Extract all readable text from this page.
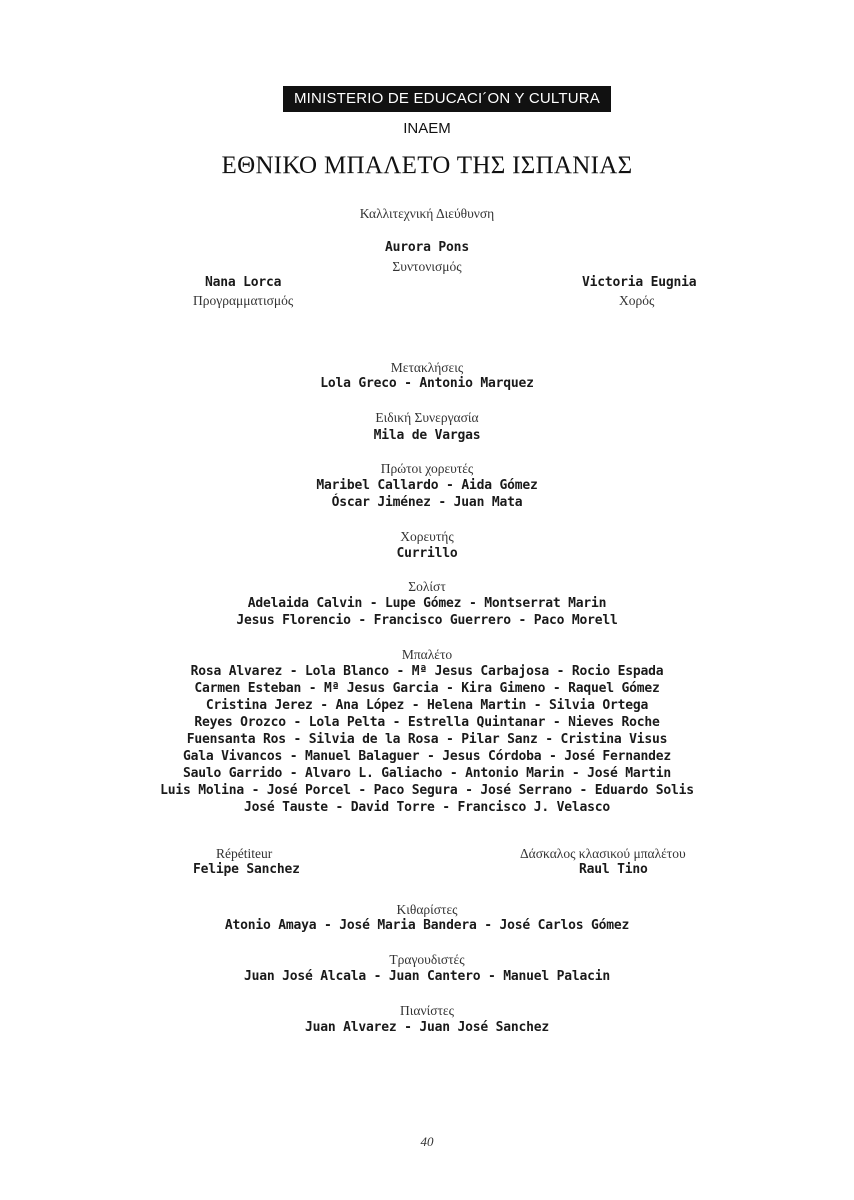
MINISTERIO DE EDUCACI´ON Y CULTURA
INAEM
ΕΘΝΙΚΟ ΜΠΑΛΕΤΟ ΤΗΣ ΙΣΠΑΝΙΑΣ
Καλλιτεχνική Διεύθυνση
Aurora Pons
Συντονισμός
Nana Lorca
Προγραμματισμός
Victoria Eugnia
Χορός
Μετακλήσεις
Lola Greco - Antonio Marquez
Ειδική Συνεργασία
Mila de Vargas
Πρώτοι χορευτές
Maribel Callardo - Aida Gómez
Óscar Jiménez - Juan Mata
Χορευτής
Currillo
Σολίστ
Adelaida Calvin - Lupe Gómez - Montserrat Marin
Jesus Florencio - Francisco Guerrero - Paco Morell
Μπαλέτο
Rosa Alvarez - Lola Blanco - Mª Jesus Carbajosa - Rocio Espada
Carmen Esteban - Mª Jesus Garcia - Kira Gimeno - Raquel Gómez
Cristina Jerez - Ana López - Helena Martin - Silvia Ortega
Reyes Orozco - Lola Pelta - Estrella Quintanar - Nieves Roche
Fuensanta Ros - Silvia de la Rosa - Pilar Sanz - Cristina Visus
Gala Vivancos - Manuel Balaguer - Jesus Córdoba - José Fernandez
Saulo Garrido - Alvaro L. Galiacho - Antonio Marin - José Martin
Luis Molina - José Porcel - Paco Segura - José Serrano - Eduardo Solis
José Tauste - David Torre - Francisco J. Velasco
Répétiteur
Felipe Sanchez
Δάσκαλος κλασικού μπαλέτου
Raul Tino
Κιθαρίστες
Atonio Amaya - José Maria Bandera - José Carlos Gómez
Τραγουδιστές
Juan José Alcala - Juan Cantero - Manuel Palacin
Πιανίστες
Juan Alvarez - Juan José Sanchez
40
